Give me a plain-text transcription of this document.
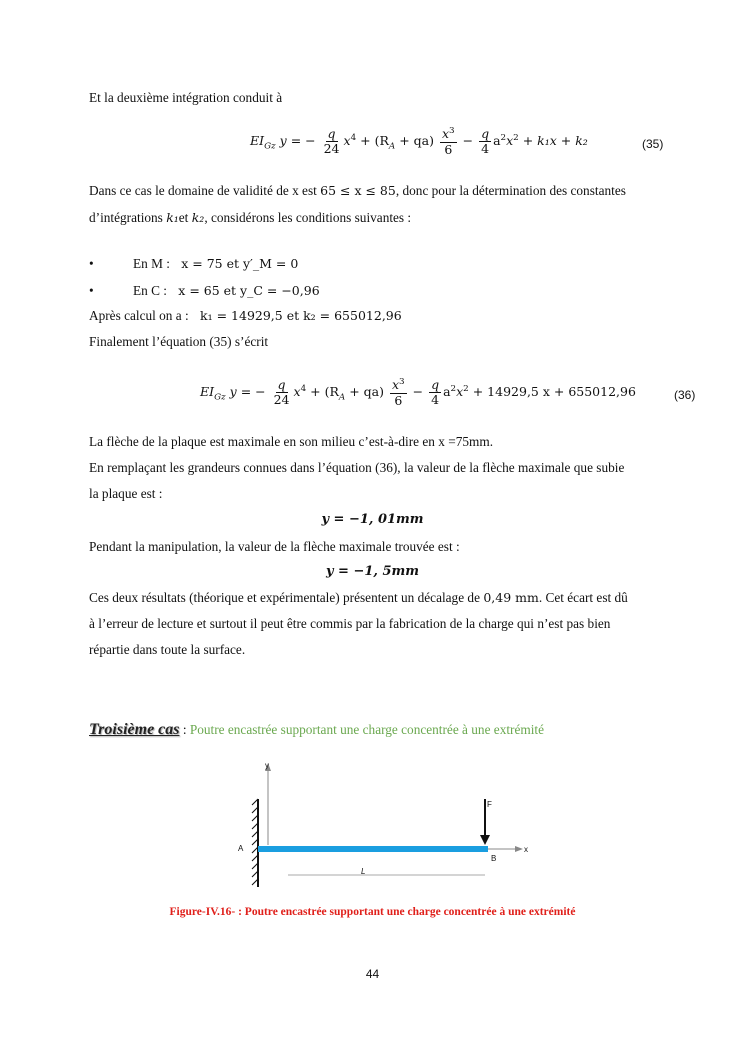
Et la deuxième intégration conduit à
$EI_{Gz}$ y = − $\frac{q}{24} x^4 + (R_A + qa) \frac{x^3}{6} - \frac{q}{4} a^2x^2 + k_1x + k_2$	(35)
Dans ce cas le domaine de validité de x est 65 ≤ x ≤ 85, donc pour la détermination des constantes
d’intégrations k₁et k₂, considérons les conditions suivantes :
•	En M : x = 75 et y′_M = 0
•	En C : x = 65 et y_C = −0,96
Après calcul on a : k₁ = 14929,5 et k₂ = 655012,96
Finalement l’équation (35) s’écrit
$EI_{Gz}$ y = − $\frac{q}{24} x^4 + (R_A + qa) \frac{x^3}{6} - \frac{q}{4} a^2x^2 + 14929,5$ x + 655012,96	(36)
La flèche de la plaque est maximale en son milieu c’est-à-dire en x =75mm.
En remplaçant les grandeurs connues dans l’équation (36), la valeur de la flèche maximale que subie
la plaque est :
y = −1, 01mm
Pendant la manipulation, la valeur de la flèche maximale trouvée est :
y = −1, 5mm
Ces deux résultats (théorique et expérimentale) présentent un décalage de 0,49 mm. Cet écart est dû
à l’erreur de lecture et surtout il peut être commis par la fabrication de la charge qui n’est pas bien
répartie dans toute la surface.
Troisième cas : Poutre encastrée supportant une charge concentrée à une extrémité
y
x
A
B
F
L
Figure-IV.16- : Poutre encastrée supportant une charge concentrée à une extrémité
44
